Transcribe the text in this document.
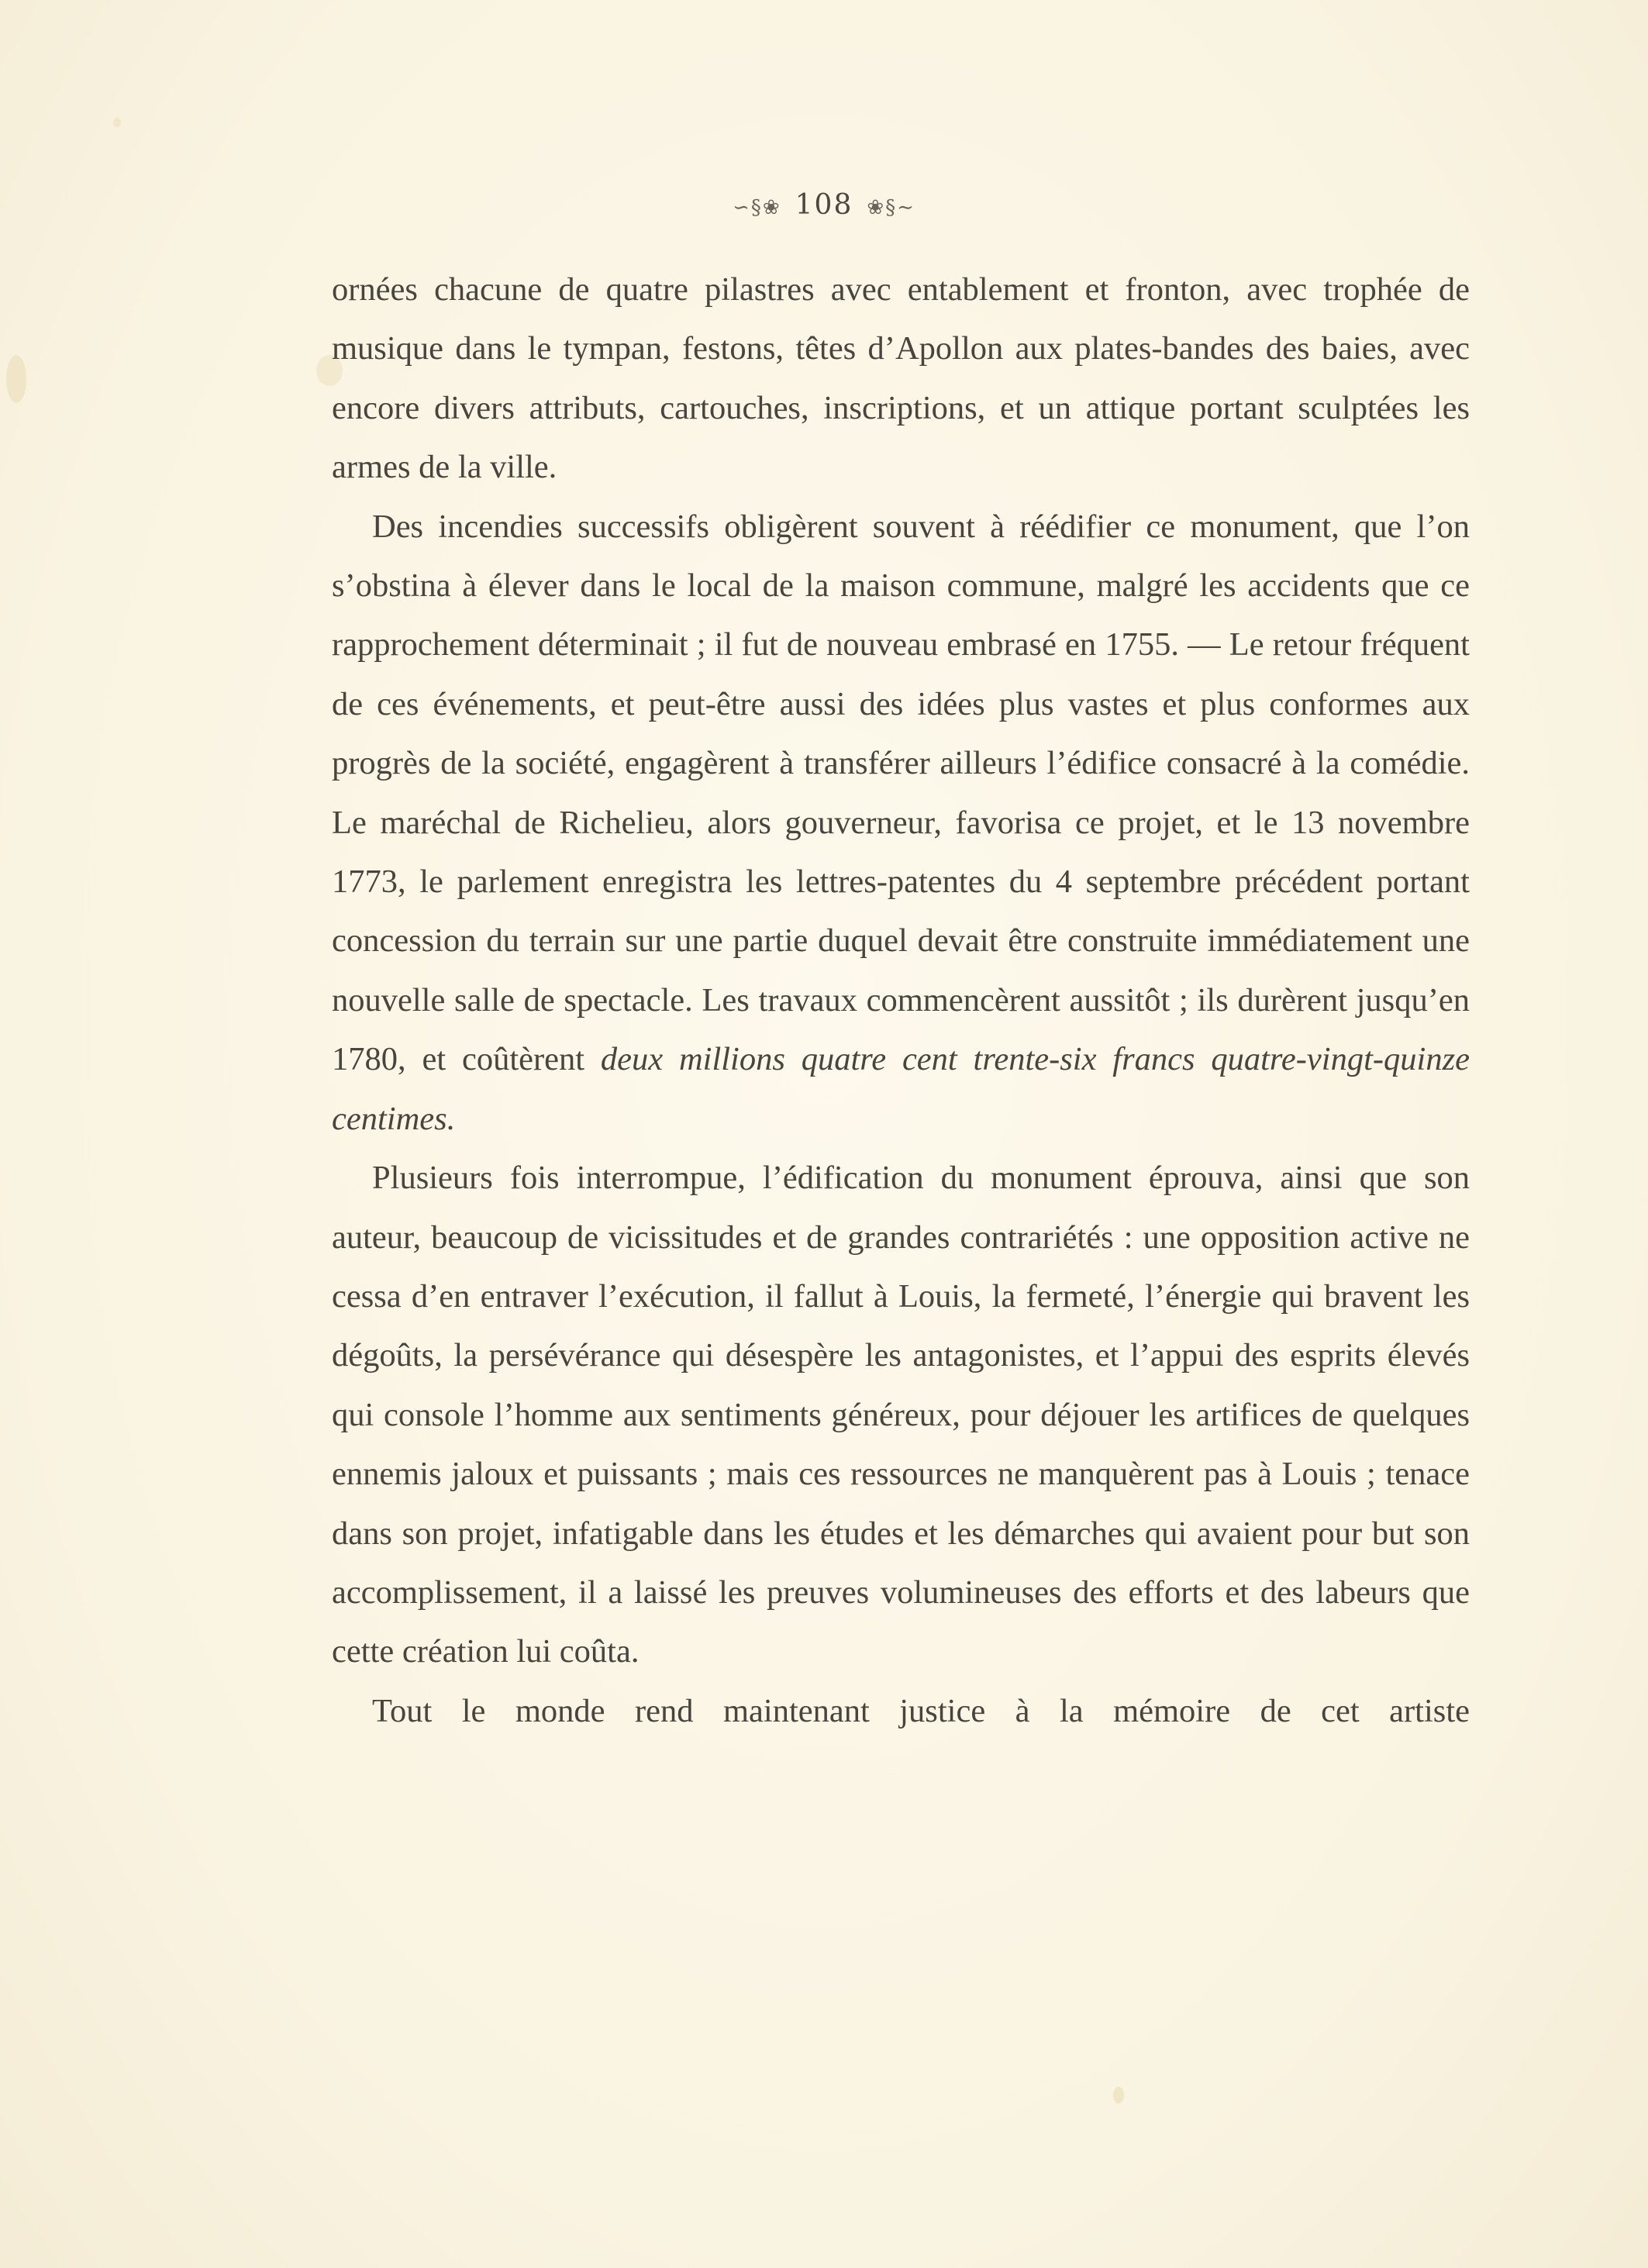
∽§❀ 108 ❀§∼

ornées chacune de quatre pilastres avec entablement et fronton, avec trophée de musique dans le tympan, festons, têtes d’Apollon aux plates-bandes des baies, avec encore divers attributs, cartouches, inscriptions, et un attique portant sculptées les armes de la ville.

Des incendies successifs obligèrent souvent à réédifier ce monument, que l’on s’obstina à élever dans le local de la maison commune, malgré les accidents que ce rapprochement déterminait ; il fut de nouveau embrasé en 1755. — Le retour fréquent de ces événements, et peut-être aussi des idées plus vastes et plus conformes aux progrès de la société, engagèrent à transférer ailleurs l’édifice consacré à la comédie. Le maréchal de Richelieu, alors gouverneur, favorisa ce projet, et le 13 novembre 1773, le parlement enregistra les lettres-patentes du 4 septembre précédent portant concession du terrain sur une partie duquel devait être construite immédiatement une nouvelle salle de spectacle. Les travaux commencèrent aussitôt ; ils durèrent jusqu’en 1780, et coûtèrent deux millions quatre cent trente-six francs quatre-vingt-quinze centimes.

Plusieurs fois interrompue, l’édification du monument éprouva, ainsi que son auteur, beaucoup de vicissitudes et de grandes contrariétés : une opposition active ne cessa d’en entraver l’exécution, il fallut à Louis, la fermeté, l’énergie qui bravent les dégoûts, la persévérance qui désespère les antagonistes, et l’appui des esprits élevés qui console l’homme aux sentiments généreux, pour déjouer les artifices de quelques ennemis jaloux et puissants ; mais ces ressources ne manquèrent pas à Louis ; tenace dans son projet, infatigable dans les études et les démarches qui avaient pour but son accomplissement, il a laissé les preuves volumineuses des efforts et des labeurs que cette création lui coûta.

Tout le monde rend maintenant justice à la mémoire de cet artiste
